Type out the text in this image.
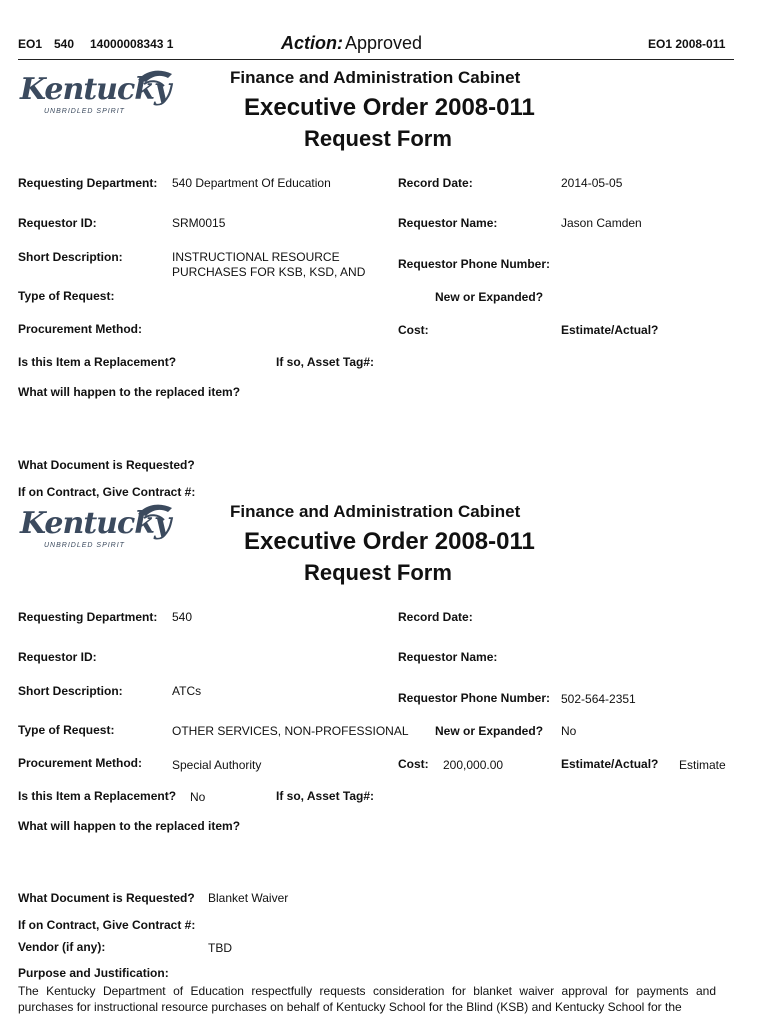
EO1 540 14000008343 1	Action: Approved	EO1 2008-011
Kentucky
UNBRIDLED SPIRIT
Finance and Administration Cabinet
Executive Order 2008-011
Request Form
Requesting Department: 540 Department Of Education	Record Date:	2014-05-05
Requestor ID:	SRM0015	Requestor Name:	Jason Camden
Short Description:	INSTRUCTIONAL RESOURCE
PURCHASES FOR KSB, KSD, AND
Requestor Phone Number:
Type of Request:	New or Expanded?
Procurement Method:	Cost:	Estimate/Actual?
Is this Item a Replacement?	If so, Asset Tag#:
What will happen to the replaced item?
What Document is Requested?
If on Contract, Give Contract #:
Kentucky
UNBRIDLED SPIRIT
Finance and Administration Cabinet
Executive Order 2008-011
Request Form
Requesting Department: 540	Record Date:
Requestor ID:	Requestor Name:
Short Description:	ATCs	Requestor Phone Number: 502-564-2351
Type of Request:	OTHER SERVICES, NON-PROFESSIONAL New or Expanded? No
Procurement Method: Special Authority	Cost: 200,000.00	Estimate/Actual? Estimate
Is this Item a Replacement? No	If so, Asset Tag#:
What will happen to the replaced item?
What Document is Requested? Blanket Waiver
If on Contract, Give Contract #:
Vendor (if any):	TBD
Purpose and Justification:
The Kentucky Department of Education respectfully requests consideration for blanket waiver approval for payments and purchases for instructional resource purchases on behalf of Kentucky School for the Blind (KSB) and Kentucky School for the
